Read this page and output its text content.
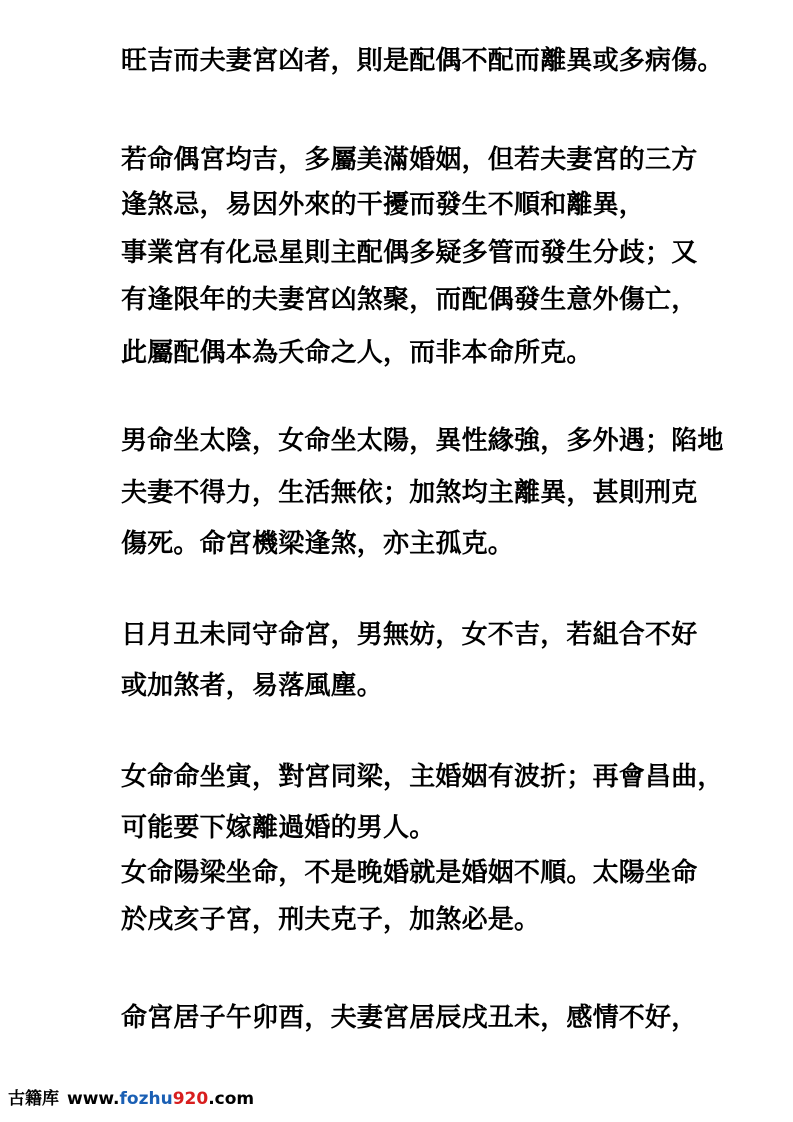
旺吉而夫妻宮凶者，則是配偶不配而離異或多病傷。
若命偶宮均吉，多屬美滿婚姻，但若夫妻宮的三方
逢煞忌，易因外來的干擾而發生不順和離異，
事業宮有化忌星則主配偶多疑多管而發生分歧；又
有逢限年的夫妻宮凶煞聚，而配偶發生意外傷亡，
此屬配偶本為夭命之人，而非本命所克。
男命坐太陰，女命坐太陽，異性緣強，多外遇；陷地
夫妻不得力，生活無依；加煞均主離異，甚則刑克
傷死。命宮機梁逢煞，亦主孤克。
日月丑未同守命宮，男無妨，女不吉，若組合不好
或加煞者，易落風塵。
女命命坐寅，對宮同梁，主婚姻有波折；再會昌曲，
可能要下嫁離過婚的男人。
女命陽梁坐命，不是晚婚就是婚姻不順。太陽坐命
於戌亥子宮，刑夫克子，加煞必是。
命宮居子午卯酉，夫妻宮居辰戌丑未，感情不好，
古籍库 www.fozhu920.com
